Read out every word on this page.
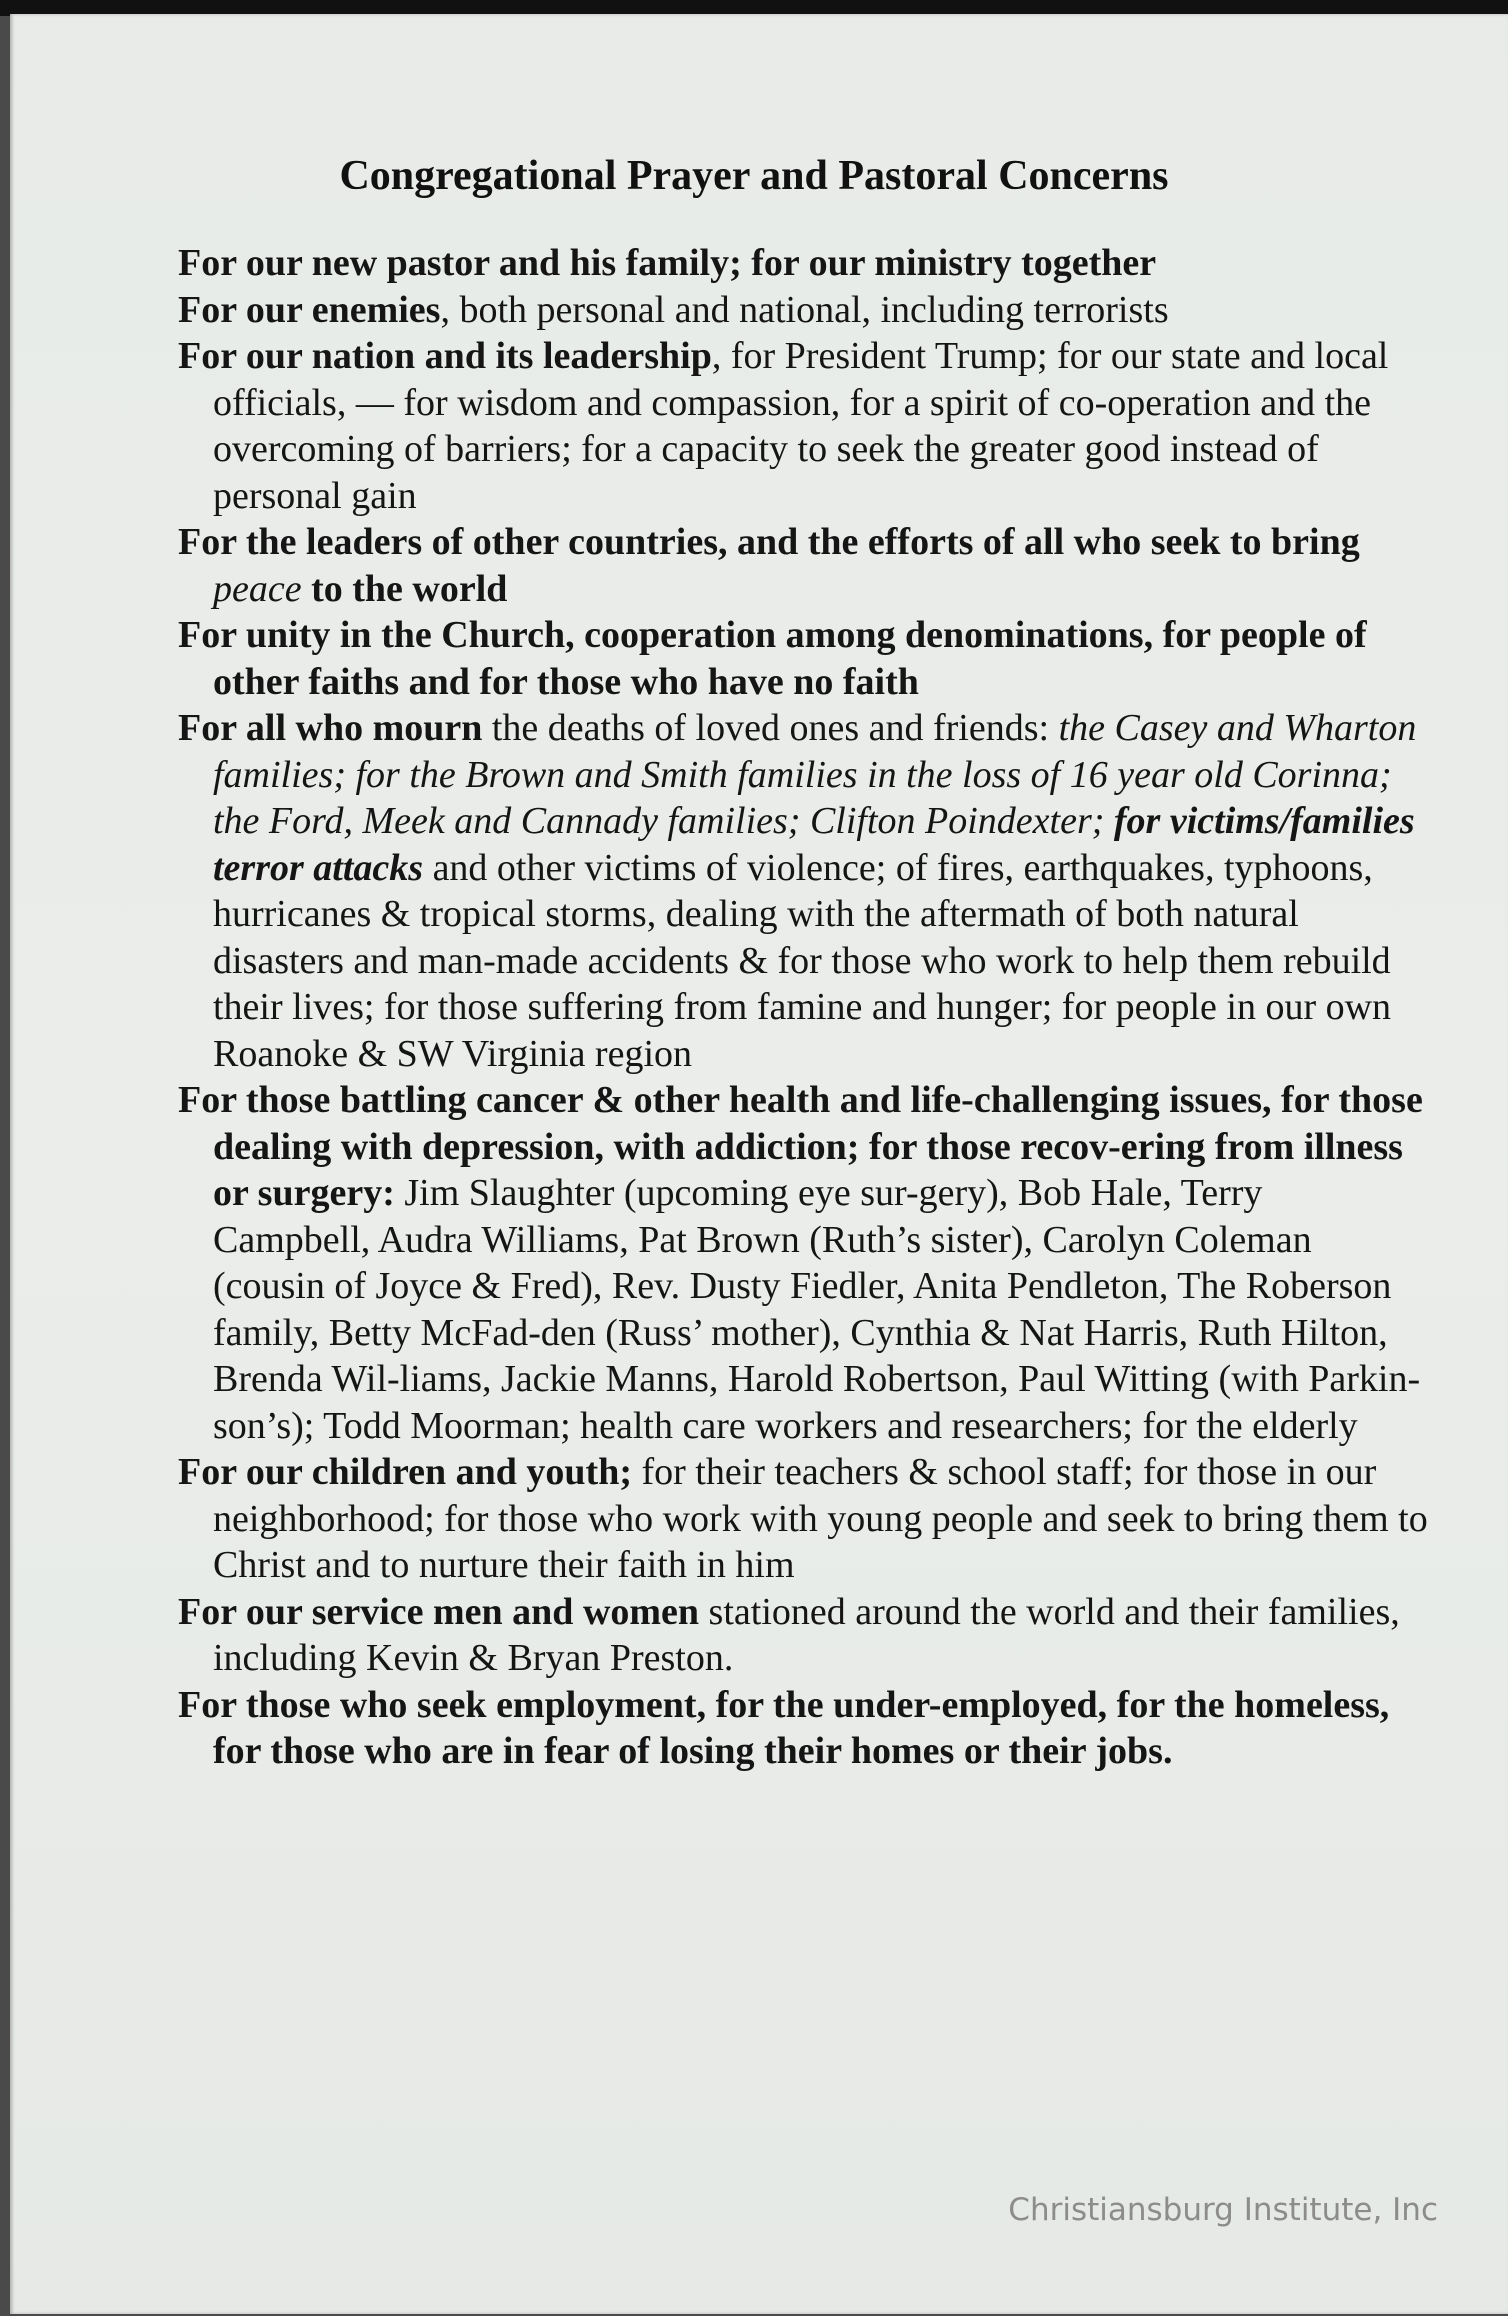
Congregational Prayer and Pastoral Concerns

For our new pastor and his family; for our ministry together

For our enemies, both personal and national, including terrorists

For our nation and its leadership, for President Trump; for our state and local officials, — for wisdom and compassion, for a spirit of co-operation and the overcoming of barriers; for a capacity to seek the greater good instead of personal gain

For the leaders of other countries, and the efforts of all who seek to bring peace to the world

For unity in the Church, cooperation among denominations, for people of other faiths and for those who have no faith

For all who mourn the deaths of loved ones and friends: the Casey and Wharton families; for the Brown and Smith families in the loss of 16 year old Corinna; the Ford, Meek and Cannady families; Clifton Poindexter; for victims/families terror attacks and other victims of violence; of fires, earthquakes, typhoons, hurricanes & tropical storms, dealing with the aftermath of both natural disasters and man-made accidents & for those who work to help them rebuild their lives; for those suffering from famine and hunger; for people in our own Roanoke & SW Virginia region

For those battling cancer & other health and life-challenging issues, for those dealing with depression, with addiction; for those recov-ering from illness or surgery: Jim Slaughter (upcoming eye sur-gery), Bob Hale, Terry Campbell, Audra Williams, Pat Brown (Ruth’s sister), Carolyn Coleman (cousin of Joyce & Fred), Rev. Dusty Fiedler, Anita Pendleton, The Roberson family, Betty McFad-den (Russ’ mother), Cynthia & Nat Harris, Ruth Hilton, Brenda Wil-liams, Jackie Manns, Harold Robertson, Paul Witting (with Parkin-son’s); Todd Moorman; health care workers and researchers; for the elderly

For our children and youth; for their teachers & school staff; for those in our neighborhood; for those who work with young people and seek to bring them to Christ and to nurture their faith in him

For our service men and women stationed around the world and their families, including Kevin & Bryan Preston.

For those who seek employment, for the under-employed, for the homeless, for those who are in fear of losing their homes or their jobs.

Christiansburg Institute, Inc
